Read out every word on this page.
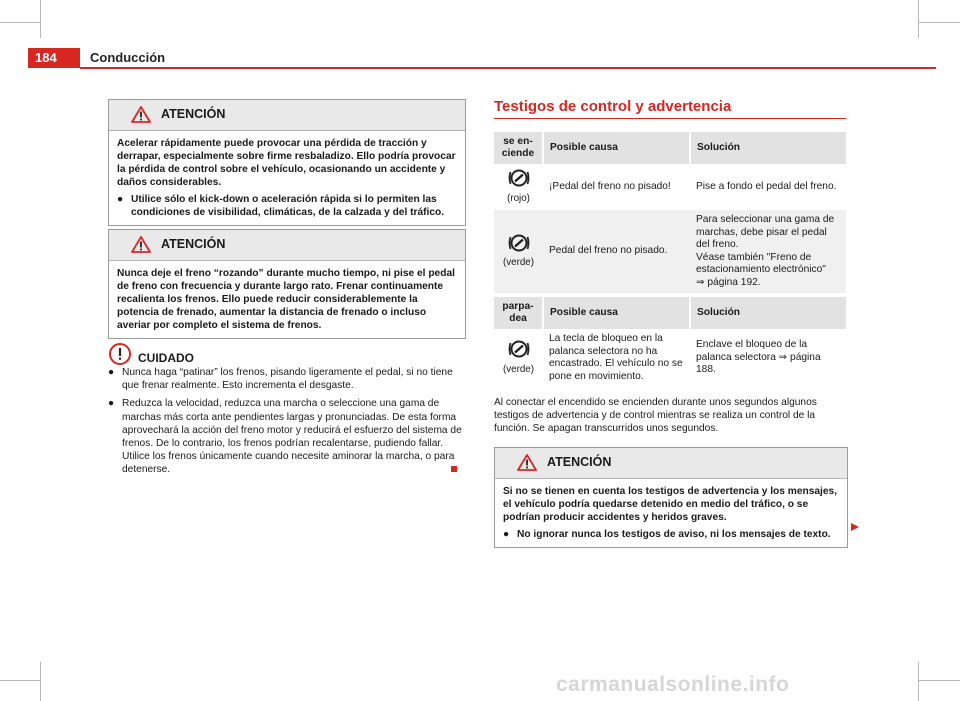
184	Conducción
ATENCIÓN

Acelerar rápidamente puede provocar una pérdida de tracción y derrapar, especialmente sobre firme resbaladizo. Ello podría provocar la pérdida de control sobre el vehículo, ocasionando un accidente y daños considerables.

● Utilice sólo el kick-down o aceleración rápida si lo permiten las condiciones de visibilidad, climáticas, de la calzada y del tráfico.
ATENCIÓN

Nunca deje el freno “rozando” durante mucho tiempo, ni pise el pedal de freno con frecuencia y durante largo rato. Frenar continuamente recalienta los frenos. Ello puede reducir considerablemente la potencia de frenado, aumentar la distancia de frenado o incluso averiar por completo el sistema de frenos.

CUIDADO

● Nunca haga “patinar” los frenos, pisando ligeramente el pedal, si no tiene que frenar realmente. Esto incrementa el desgaste.

● Reduzca la velocidad, reduzca una marcha o seleccione una gama de marchas más corta ante pendientes largas y pronunciadas. De esta forma aprovechará la acción del freno motor y reducirá el esfuerzo del sistema de frenos. De lo contrario, los frenos podrían recalentarse, pudiendo fallar. Utilice los frenos únicamente cuando necesite aminorar la marcha, o para detenerse.

Testigos de control y advertencia
se en-
ciende	Posible causa	Solución

(rojo)	¡Pedal del freno no pisado!	Pise a fondo el pedal del freno.

(verde)	Pedal del freno no pisado.	Para seleccionar una gama de marchas, debe pisar el pedal del freno.
Véase también "Freno de estacionamiento electrónico"
⇒ página 192.
parpa-
dea	Posible causa	Solución

(verde)	La tecla de bloqueo en la palanca selectora no ha encastrado. El vehículo no se pone en movimiento.	Enclave el bloqueo de la palanca selectora ⇒ página 188.
Al conectar el encendido se encienden durante unos segundos algunos testigos de advertencia y de control mientras se realiza un control de la función. Se apagan transcurridos unos segundos.
ATENCIÓN

Si no se tienen en cuenta los testigos de advertencia y los mensajes, el vehículo podría quedarse detenido en medio del tráfico, o se podrían producir accidentes y heridos graves.

● No ignorar nunca los testigos de aviso, ni los mensajes de texto.
carmanualsonline.info
